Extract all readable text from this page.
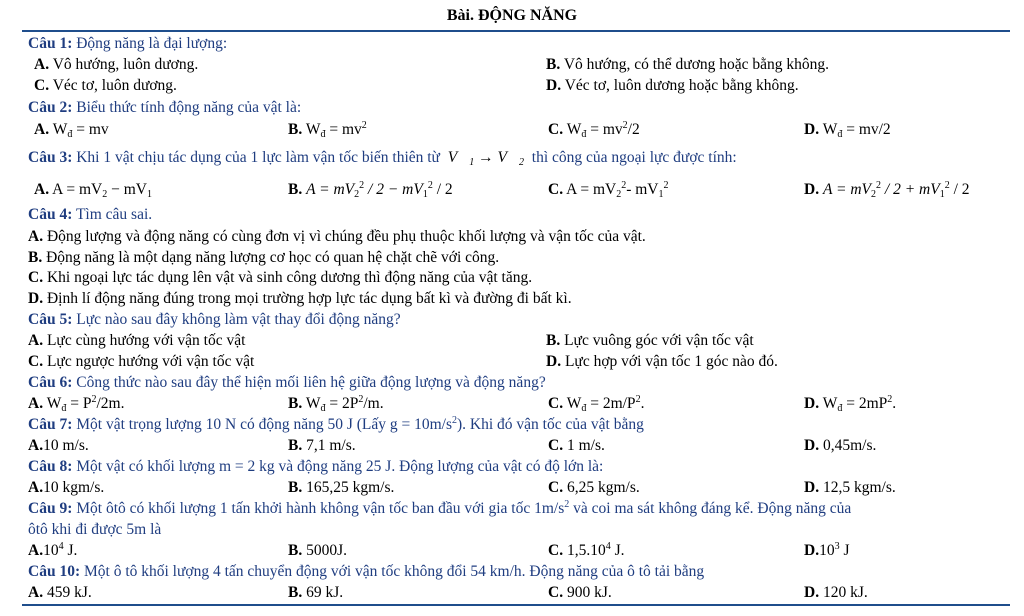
Bài. ĐỘNG NĂNG
Câu 1: Động năng là đại lượng:
A. Vô hướng, luôn dương.	B. Vô hướng, có thể dương hoặc bằng không.
C. Véc tơ, luôn dương.	D. Véc tơ, luôn dương hoặc bằng không.
Câu 2: Biểu thức tính động năng của vật là:
A. $W_đ$ = mv	B. $W_đ = mv^2$	C. $W_đ = mv^2/2$	D. $W_đ = mv/2$
Câu 3: Khi 1 vật chịu tác dụng của 1 lực làm vận tốc biến thiên từ  $V⃗_1$ → $V⃗_2$ thì công của ngoại lực được tính:
A. $A = mV_2 - mV_1$	B. $A = mV_2^2 / 2 - mV_1^2 / 2$	C. $A = mV_2^2-$ $mV_1^2$	D. $A = mV_2^2 / 2 + mV_1^2 / 2$
Câu 4: Tìm câu sai.
A. Động lượng và động năng có cùng đơn vị vì chúng đều phụ thuộc khối lượng và vận tốc của vật.
B. Động năng là một dạng năng lượng cơ học có quan hệ chặt chẽ với công.
C. Khi ngoại lực tác dụng lên vật và sinh công dương thì động năng của vật tăng.
D. Định lí động năng đúng trong mọi trường hợp lực tác dụng bất kì và đường đi bất kì.
Câu 5: Lực nào sau đây không làm vật thay đổi động năng?
A. Lực cùng hướng với vận tốc vật	B. Lực vuông góc với vận tốc vật
C. Lực ngược hướng với vận tốc vật	D. Lực hợp với vận tốc 1 góc nào đó.
Câu 6: Công thức nào sau đây thể hiện mối liên hệ giữa động lượng và động năng?
A. $W_đ = P^2/2m$.	B. $W_đ = 2P^2/m$.	C. $W_đ = 2m/P^2$.	D. $W_đ = 2mP^2$.
Câu 7: Một vật trọng lượng 10 N có động năng 50 J (Lấy $g = 10m/s^2$). Khi đó vận tốc của vật bằng
A.10 m/s.	B. 7,1 m/s.	C. 1 m/s.	D. 0,45m/s.
Câu 8: Một vật có khối lượng m = 2 kg và động năng 25 J. Động lượng của vật có độ lớn là:
A.10 kgm/s.	B. 165,25 kgm/s.	C. 6,25 kgm/s.	D. 12,5 kgm/s.
Câu 9: Một ôtô có khối lượng 1 tấn khởi hành không vận tốc ban đầu với gia tốc $1m/s^2$ và coi ma sát không đáng kể. Động năng của
ôtô khi đi được 5m là
$A.10^4$ J.	B. 5000J.	C. 1,5.10$^4$ J.	$D.10^3$ J
Câu 10: Một ô tô khối lượng 4 tấn chuyển động với vận tốc không đổi 54 km/h. Động năng của ô tô tải bằng
A. 459 kJ.	B. 69 kJ.	C. 900 kJ.	D. 120 kJ.
